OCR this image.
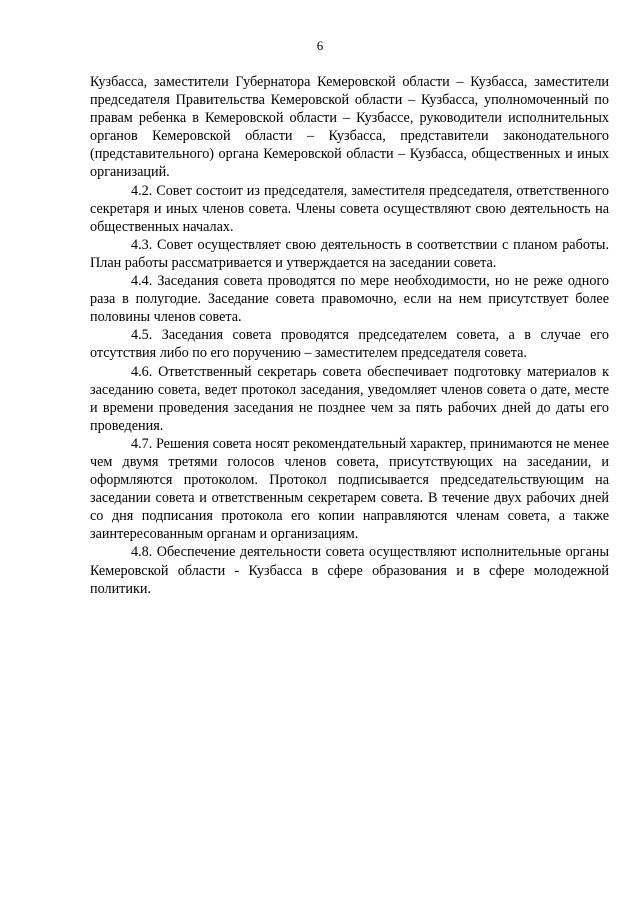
6

Кузбасса, заместители Губернатора Кемеровской области – Кузбасса, заместители председателя Правительства Кемеровской области – Кузбасса, уполномоченный по правам ребенка в Кемеровской области – Кузбассе, руководители исполнительных органов Кемеровской области – Кузбасса, представители законодательного (представительного) органа Кемеровской области – Кузбасса, общественных и иных организаций.

4.2. Совет состоит из председателя, заместителя председателя, ответственного секретаря и иных членов совета. Члены совета осуществляют свою деятельность на общественных началах.

4.3. Совет осуществляет свою деятельность в соответствии с планом работы. План работы рассматривается и утверждается на заседании совета.

4.4. Заседания совета проводятся по мере необходимости, но не реже одного раза в полугодие. Заседание совета правомочно, если на нем присутствует более половины членов совета.

4.5. Заседания совета проводятся председателем совета, а в случае его отсутствия либо по его поручению – заместителем председателя совета.

4.6. Ответственный секретарь совета обеспечивает подготовку материалов к заседанию совета, ведет протокол заседания, уведомляет членов совета о дате, месте и времени проведения заседания не позднее чем за пять рабочих дней до даты его проведения.

4.7. Решения совета носят рекомендательный характер, принимаются не менее чем двумя третями голосов членов совета, присутствующих на заседании, и оформляются протоколом. Протокол подписывается председательствующим на заседании совета и ответственным секретарем совета. В течение двух рабочих дней со дня подписания протокола его копии направляются членам совета, а также заинтересованным органам и организациям.

4.8. Обеспечение деятельности совета осуществляют исполнительные органы Кемеровской области - Кузбасса в сфере образования и в сфере молодежной политики.
